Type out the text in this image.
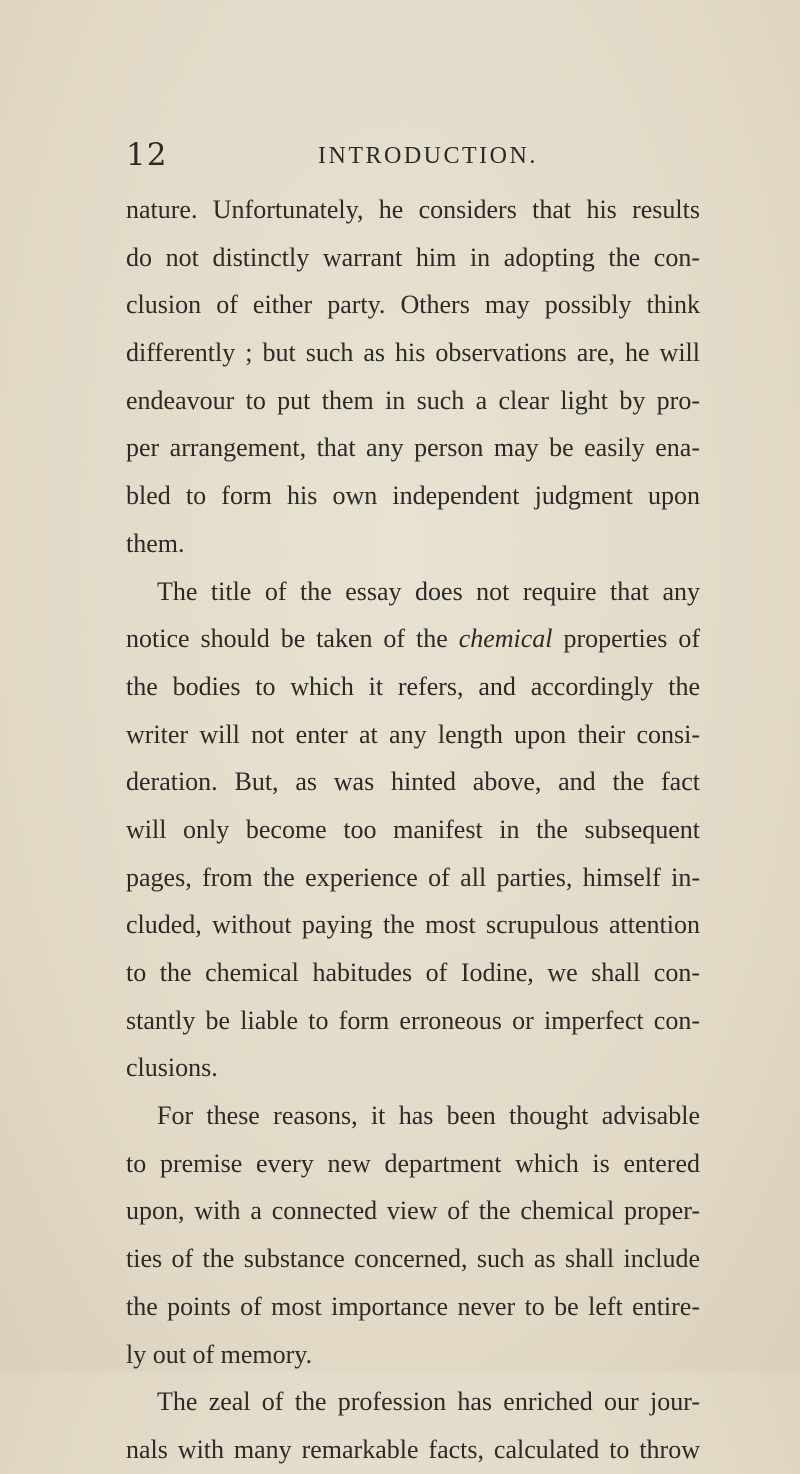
12	INTRODUCTION.
nature. Unfortunately, he considers that his results
do not distinctly warrant him in adopting the con-
clusion of either party. Others may possibly think
differently ; but such as his observations are, he will
endeavour to put them in such a clear light by pro-
per arrangement, that any person may be easily ena-
bled to form his own independent judgment upon
them.
The title of the essay does not require that any
notice should be taken of the chemical properties of
the bodies to which it refers, and accordingly the
writer will not enter at any length upon their consi-
deration. But, as was hinted above, and the fact
will only become too manifest in the subsequent
pages, from the experience of all parties, himself in-
cluded, without paying the most scrupulous attention
to the chemical habitudes of Iodine, we shall con-
stantly be liable to form erroneous or imperfect con-
clusions.
For these reasons, it has been thought advisable
to premise every new department which is entered
upon, with a connected view of the chemical proper-
ties of the substance concerned, such as shall include
the points of most importance never to be left entire-
ly out of memory.
The zeal of the profession has enriched our jour-
nals with many remarkable facts, calculated to throw
